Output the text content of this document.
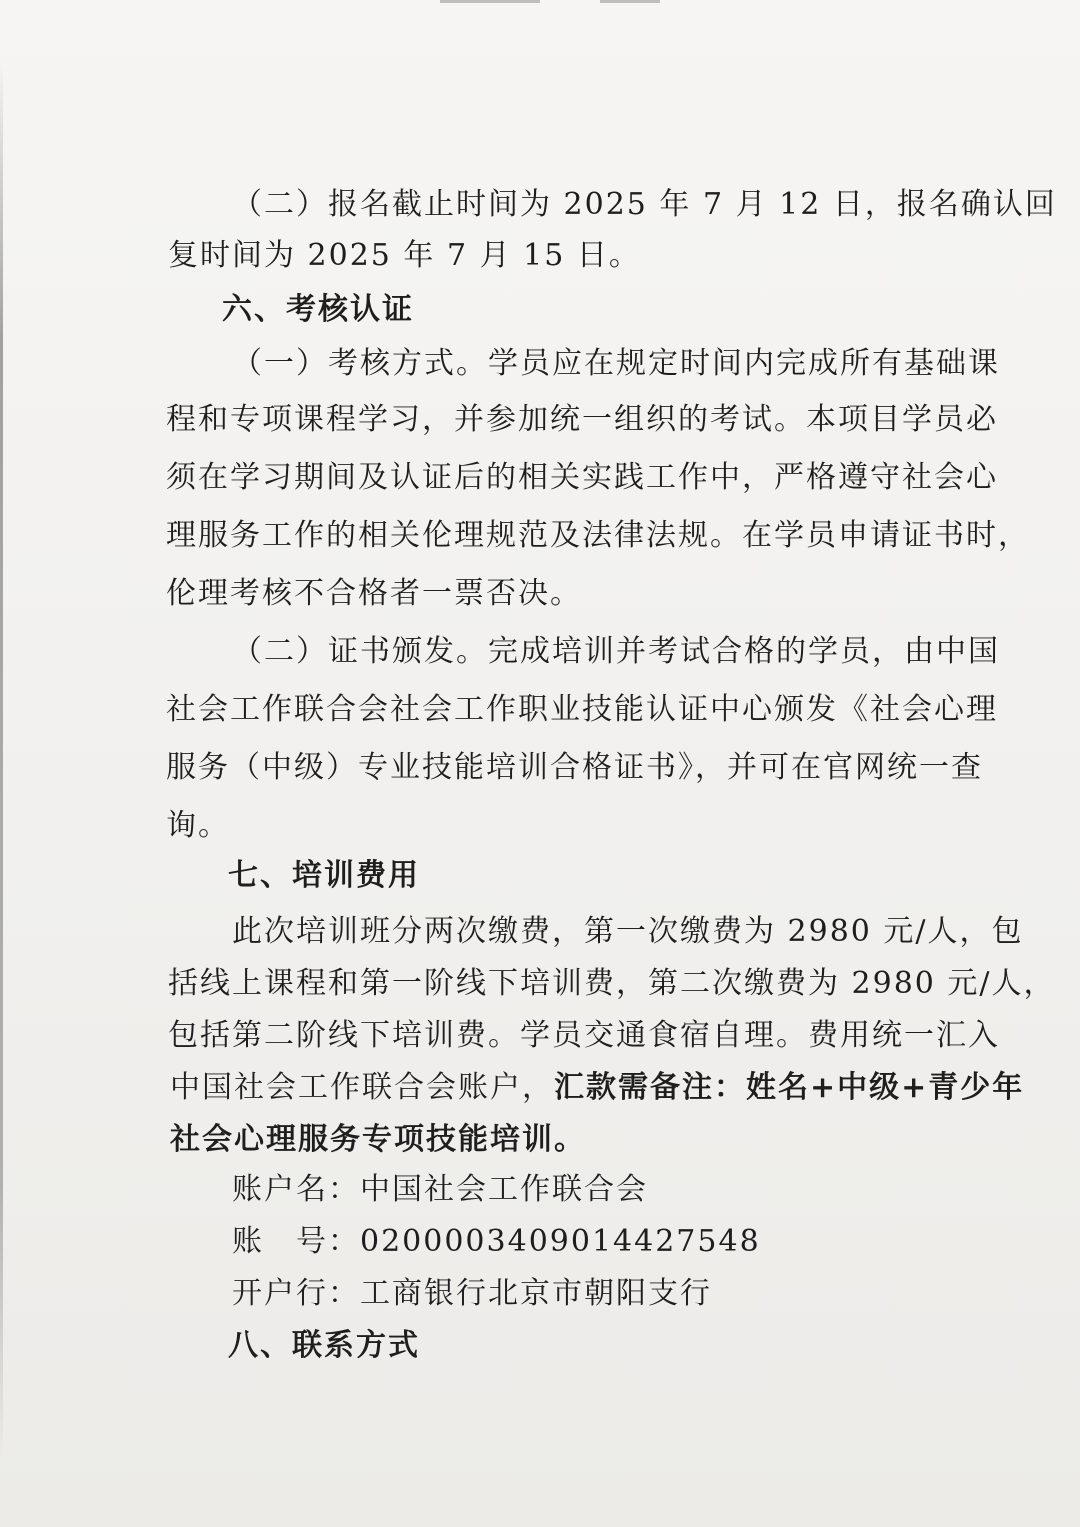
（二）报名截止时间为 2025 年 7 月 12 日，报名确认回
复时间为 2025 年 7 月 15 日。
六、考核认证
（一）考核方式。学员应在规定时间内完成所有基础课
程和专项课程学习，并参加统一组织的考试。本项目学员必
须在学习期间及认证后的相关实践工作中，严格遵守社会心
理服务工作的相关伦理规范及法律法规。在学员申请证书时，
伦理考核不合格者一票否决。
（二）证书颁发。完成培训并考试合格的学员，由中国
社会工作联合会社会工作职业技能认证中心颁发《社会心理
服务（中级）专业技能培训合格证书》，并可在官网统一查
询。
七、培训费用
此次培训班分两次缴费，第一次缴费为 2980 元/人，包
括线上课程和第一阶线下培训费，第二次缴费为 2980 元/人，
包括第二阶线下培训费。学员交通食宿自理。费用统一汇入
中国社会工作联合会账户，汇款需备注：姓名+中级+青少年
社会心理服务专项技能培训。
账户名：中国社会工作联合会
账　号：0200003409014427548
开户行：工商银行北京市朝阳支行
八、联系方式
